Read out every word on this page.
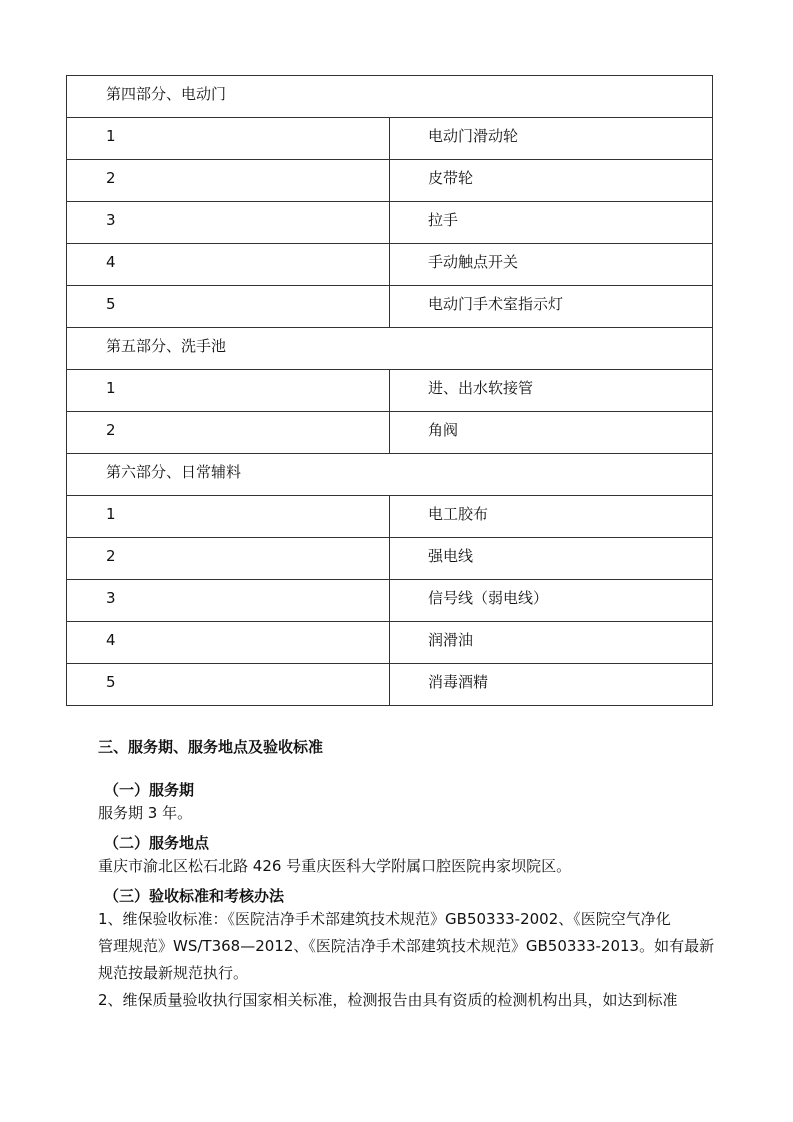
第四部分、电动门	

1	电动门滑动轮

2	皮带轮

3	拉手

4	手动触点开关

5	电动门手术室指示灯

第五部分、洗手池	

1	进、出水软接管

2	角阀

第六部分、日常辅料	

1	电工胶布

2	强电线

3	信号线（弱电线）

4	润滑油

5	消毒酒精
三、服务期、服务地点及验收标准
（一）服务期
服务期 3 年。
（二）服务地点
重庆市渝北区松石北路 426 号重庆医科大学附属口腔医院冉家坝院区。
（三）验收标准和考核办法
1、维保验收标准：《医院洁净手术部建筑技术规范》GB50333-2002、《医院空气净化
管理规范》WS/T368—2012、《医院洁净手术部建筑技术规范》GB50333-2013。如有最新
规范按最新规范执行。
2、维保质量验收执行国家相关标准，检测报告由具有资质的检测机构出具，如达到标准
